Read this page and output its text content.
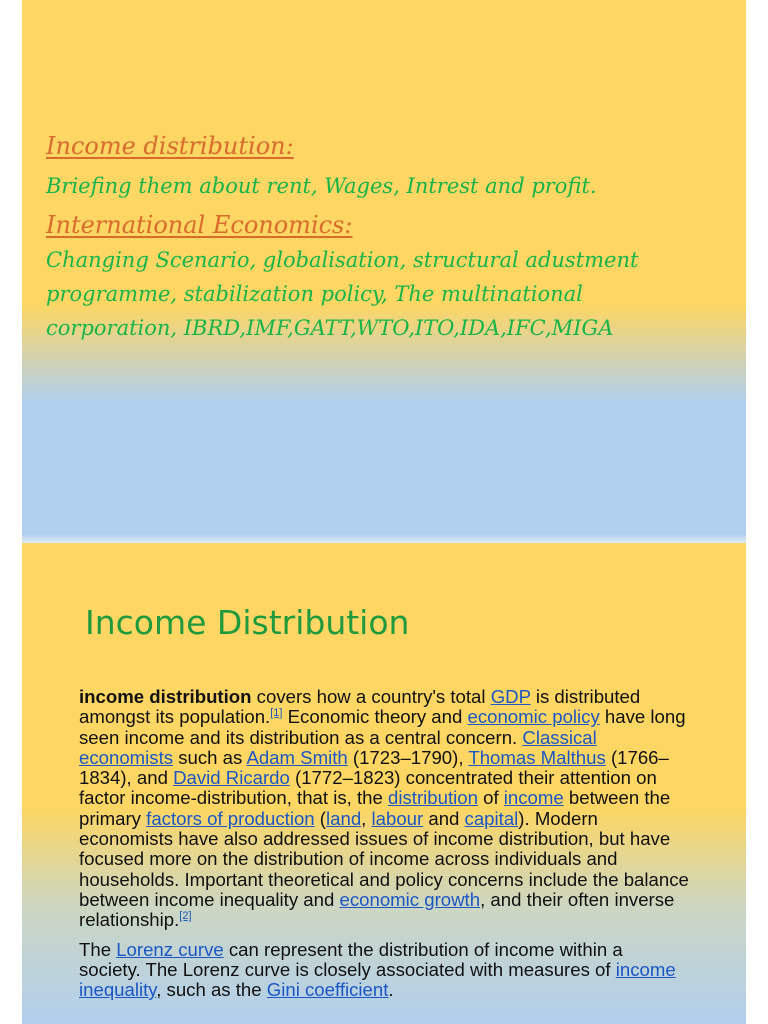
Income distribution:
Briefing them about rent, Wages, Intrest and profit.
International Economics:
Changing Scenario, globalisation, structural adustment
programme, stabilization policy, The multinational
corporation, IBRD,IMF,GATT,WTO,ITO,IDA,IFC,MIGA
Income Distribution

income distribution covers how a country's total GDP is distributed amongst its population.[1] Economic theory and economic policy have long seen income and its distribution as a central concern. Classical economists such as Adam Smith (1723–1790), Thomas Malthus (1766–1834), and David Ricardo (1772–1823) concentrated their attention on factor income-distribution, that is, the distribution of income between the primary factors of production (land, labour and capital). Modern economists have also addressed issues of income distribution, but have focused more on the distribution of income across individuals and households. Important theoretical and policy concerns include the balance between income inequality and economic growth, and their often inverse relationship.[2]

The Lorenz curve can represent the distribution of income within a society. The Lorenz curve is closely associated with measures of income inequality, such as the Gini coefficient.
